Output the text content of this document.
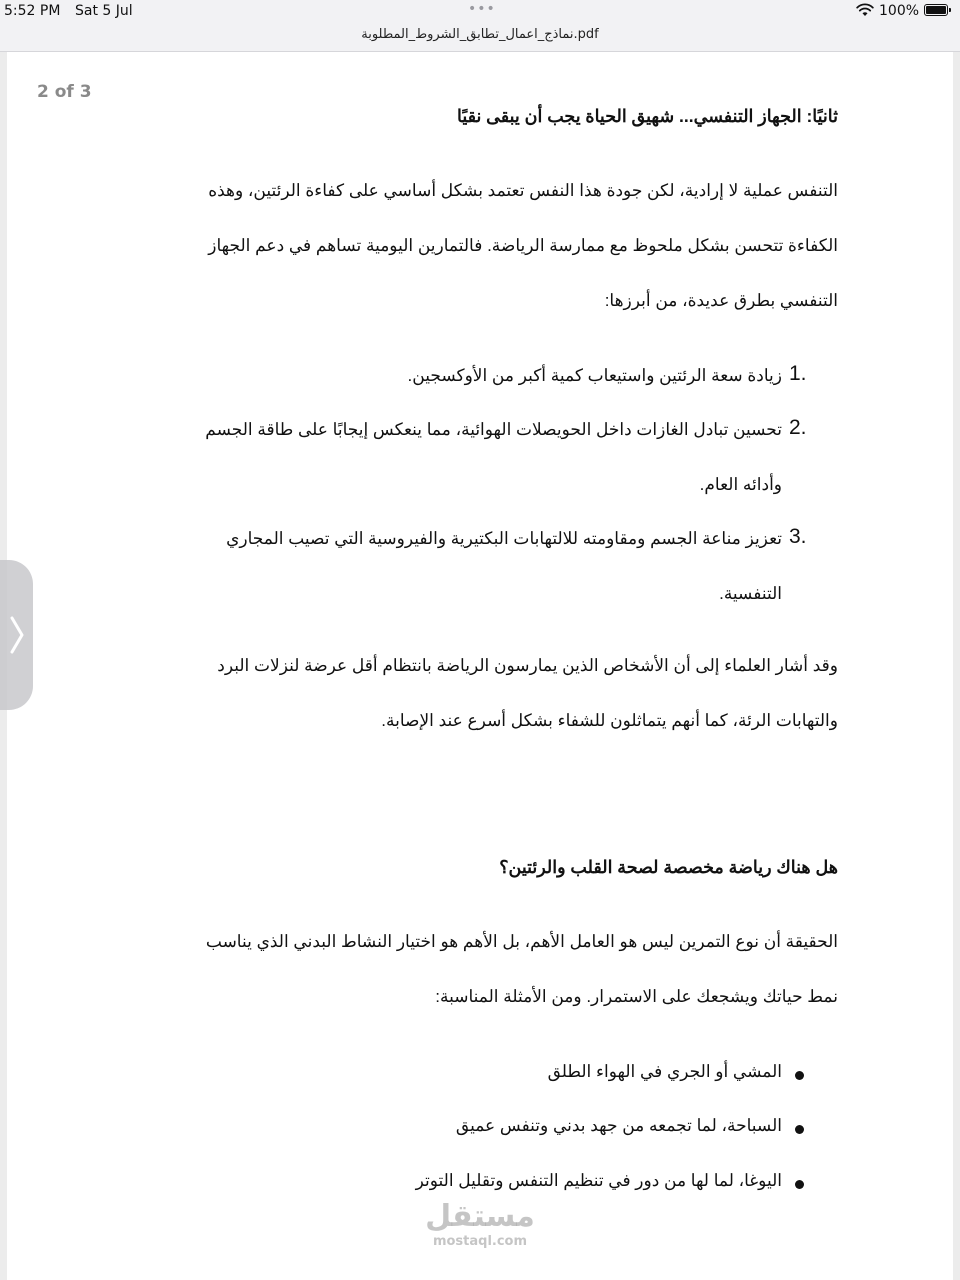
5:52 PM Sat 5 Jul	•••	100%
نماذج_اعمال_تطابق_الشروط_المطلوبة.pdf
2 of 3
ثانيًا: الجهاز التنفسي... شهيق الحياة يجب أن يبقى نقيًا
التنفس عملية لا إرادية، لكن جودة هذا النفس تعتمد بشكل أساسي على كفاءة الرئتين، وهذه
الكفاءة تتحسن بشكل ملحوظ مع ممارسة الرياضة. فالتمارين اليومية تساهم في دعم الجهاز
التنفسي بطرق عديدة، من أبرزها:
زيادة سعة الرئتين واستيعاب كمية أكبر من الأوكسجين. 1.
تحسين تبادل الغازات داخل الحويصلات الهوائية، مما ينعكس إيجابًا على طاقة الجسم 2.
وأدائه العام.
تعزيز مناعة الجسم ومقاومته للالتهابات البكتيرية والفيروسية التي تصيب المجاري 3.
التنفسية.
وقد أشار العلماء إلى أن الأشخاص الذين يمارسون الرياضة بانتظام أقل عرضة لنزلات البرد
والتهابات الرئة، كما أنهم يتماثلون للشفاء بشكل أسرع عند الإصابة.
هل هناك رياضة مخصصة لصحة القلب والرئتين؟
الحقيقة أن نوع التمرين ليس هو العامل الأهم، بل الأهم هو اختيار النشاط البدني الذي يناسب
نمط حياتك ويشجعك على الاستمرار. ومن الأمثلة المناسبة:
المشي أو الجري في الهواء الطلق
السباحة، لما تجمعه من جهد بدني وتنفس عميق
اليوغا، لما لها من دور في تنظيم التنفس وتقليل التوتر
مستقل
mostaql.com
